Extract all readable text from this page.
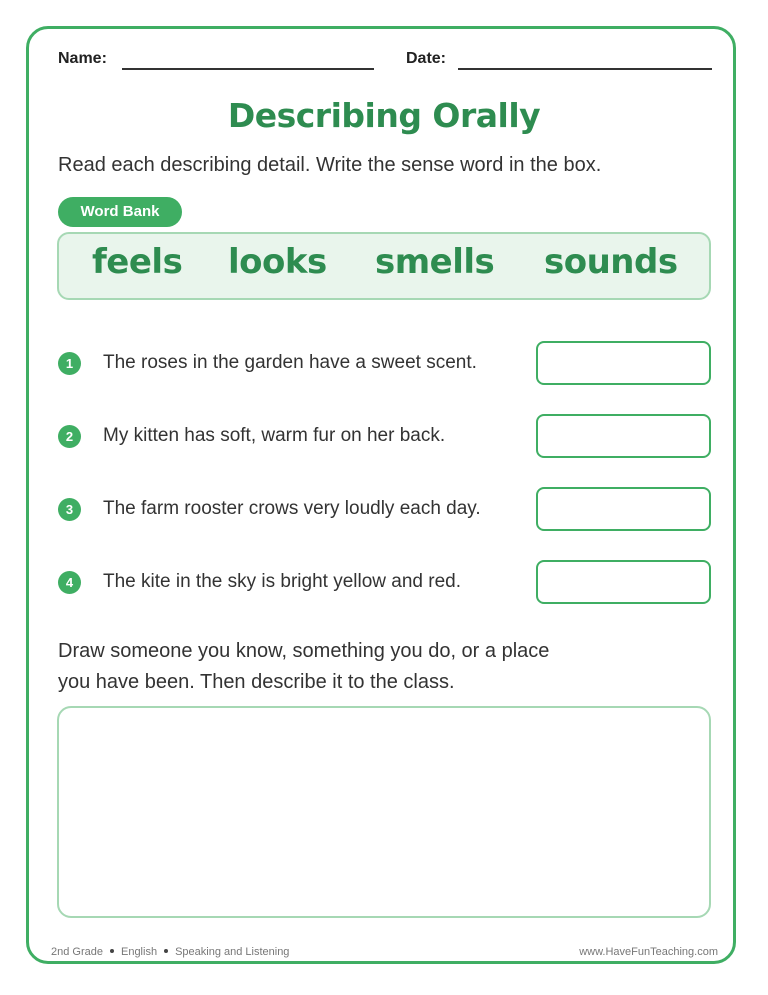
Name:	Date:
Describing Orally
Read each describing detail. Write the sense word in the box.
Word Bank
feels looks smells sounds
1	The roses in the garden have a sweet scent.
2	My kitten has soft, warm fur on her back.
3	The farm rooster crows very loudly each day.
4	The kite in the sky is bright yellow and red.
Draw someone you know, something you do, or a place you have been. Then describe it to the class.
2nd Grade English Speaking and Listening	www.HaveFunTeaching.com
